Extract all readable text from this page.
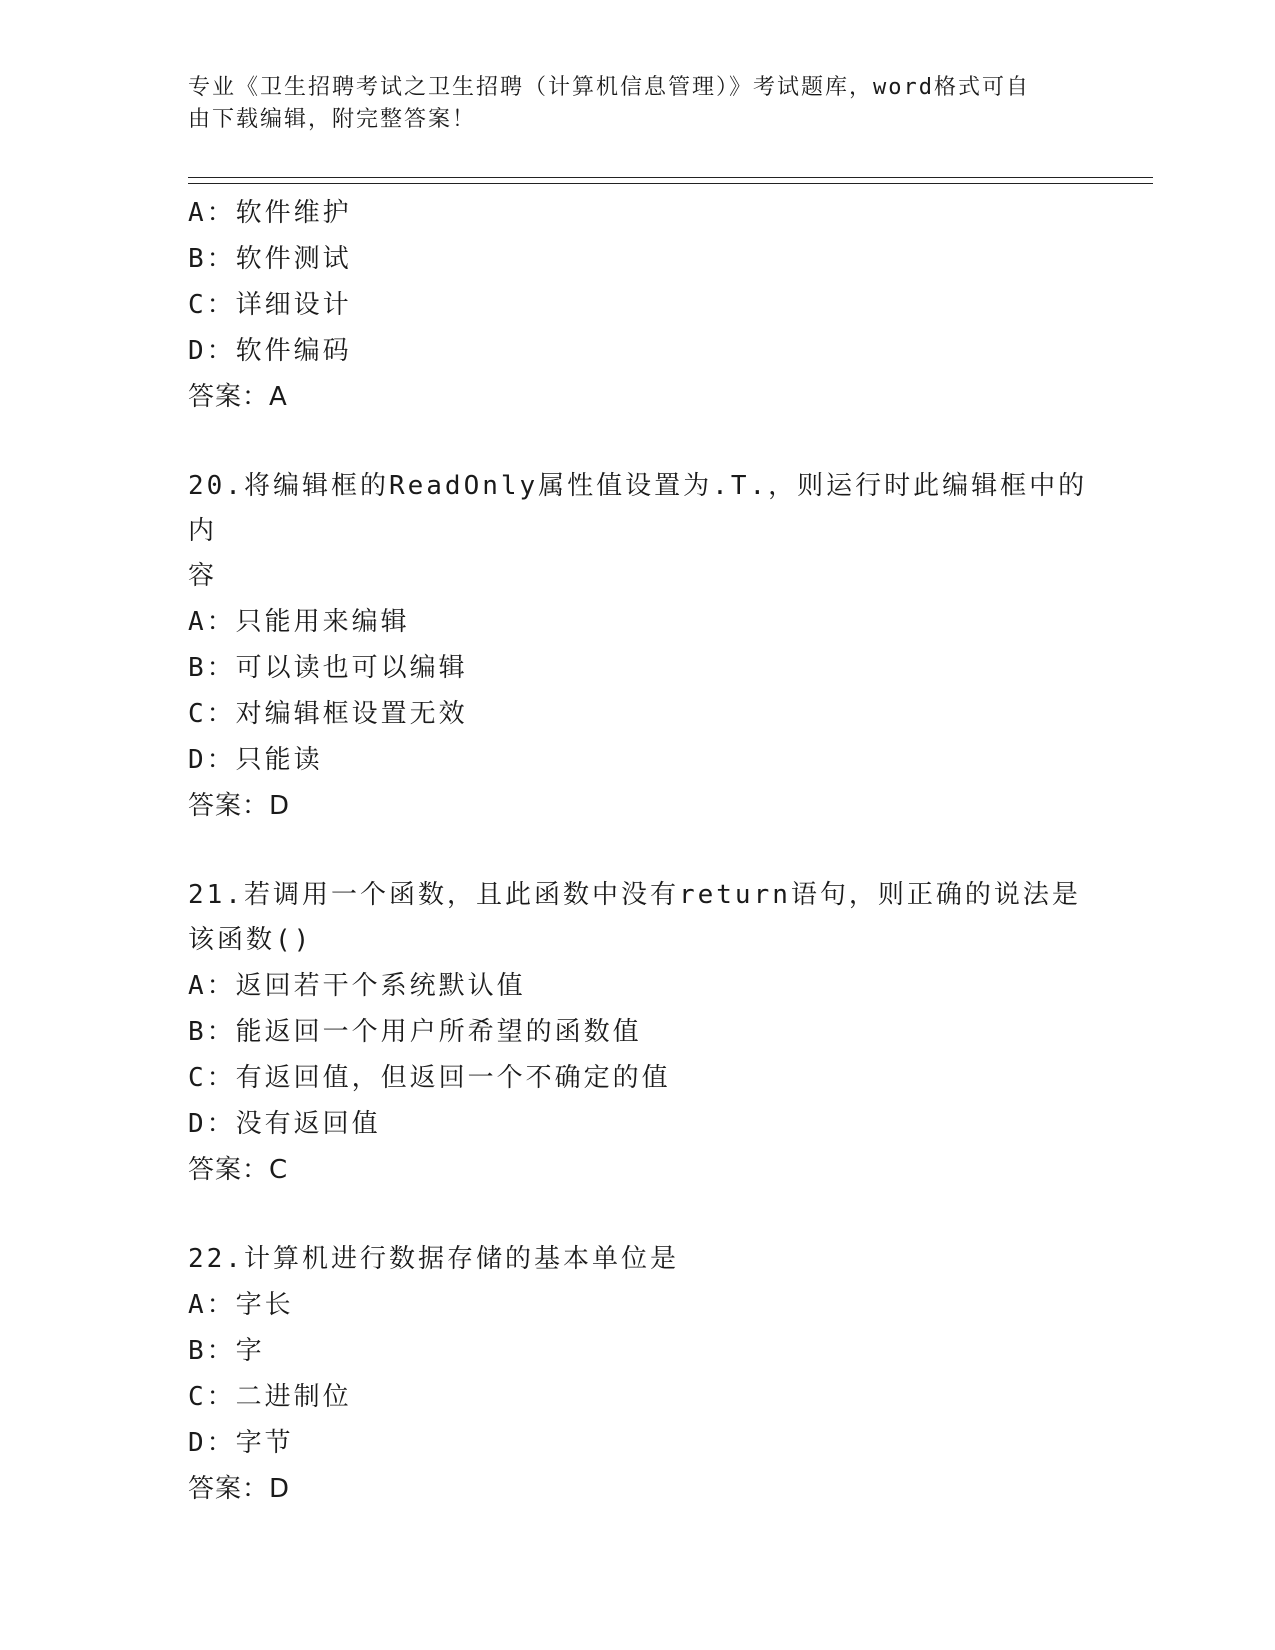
专业《卫生招聘考试之卫生招聘（计算机信息管理）》考试题库，word格式可自
由下载编辑，附完整答案！
A：软件维护
B：软件测试
C：详细设计
D：软件编码
答案：A
20.将编辑框的ReadOnly属性值设置为.T.，则运行时此编辑框中的内
容
A：只能用来编辑
B：可以读也可以编辑
C：对编辑框设置无效
D：只能读
答案：D
21.若调用一个函数，且此函数中没有return语句，则正确的说法是
该函数()
A：返回若干个系统默认值
B：能返回一个用户所希望的函数值
C：有返回值，但返回一个不确定的值
D：没有返回值
答案：C
22.计算机进行数据存储的基本单位是
A：字长
B：字
C：二进制位
D：字节
答案：D
